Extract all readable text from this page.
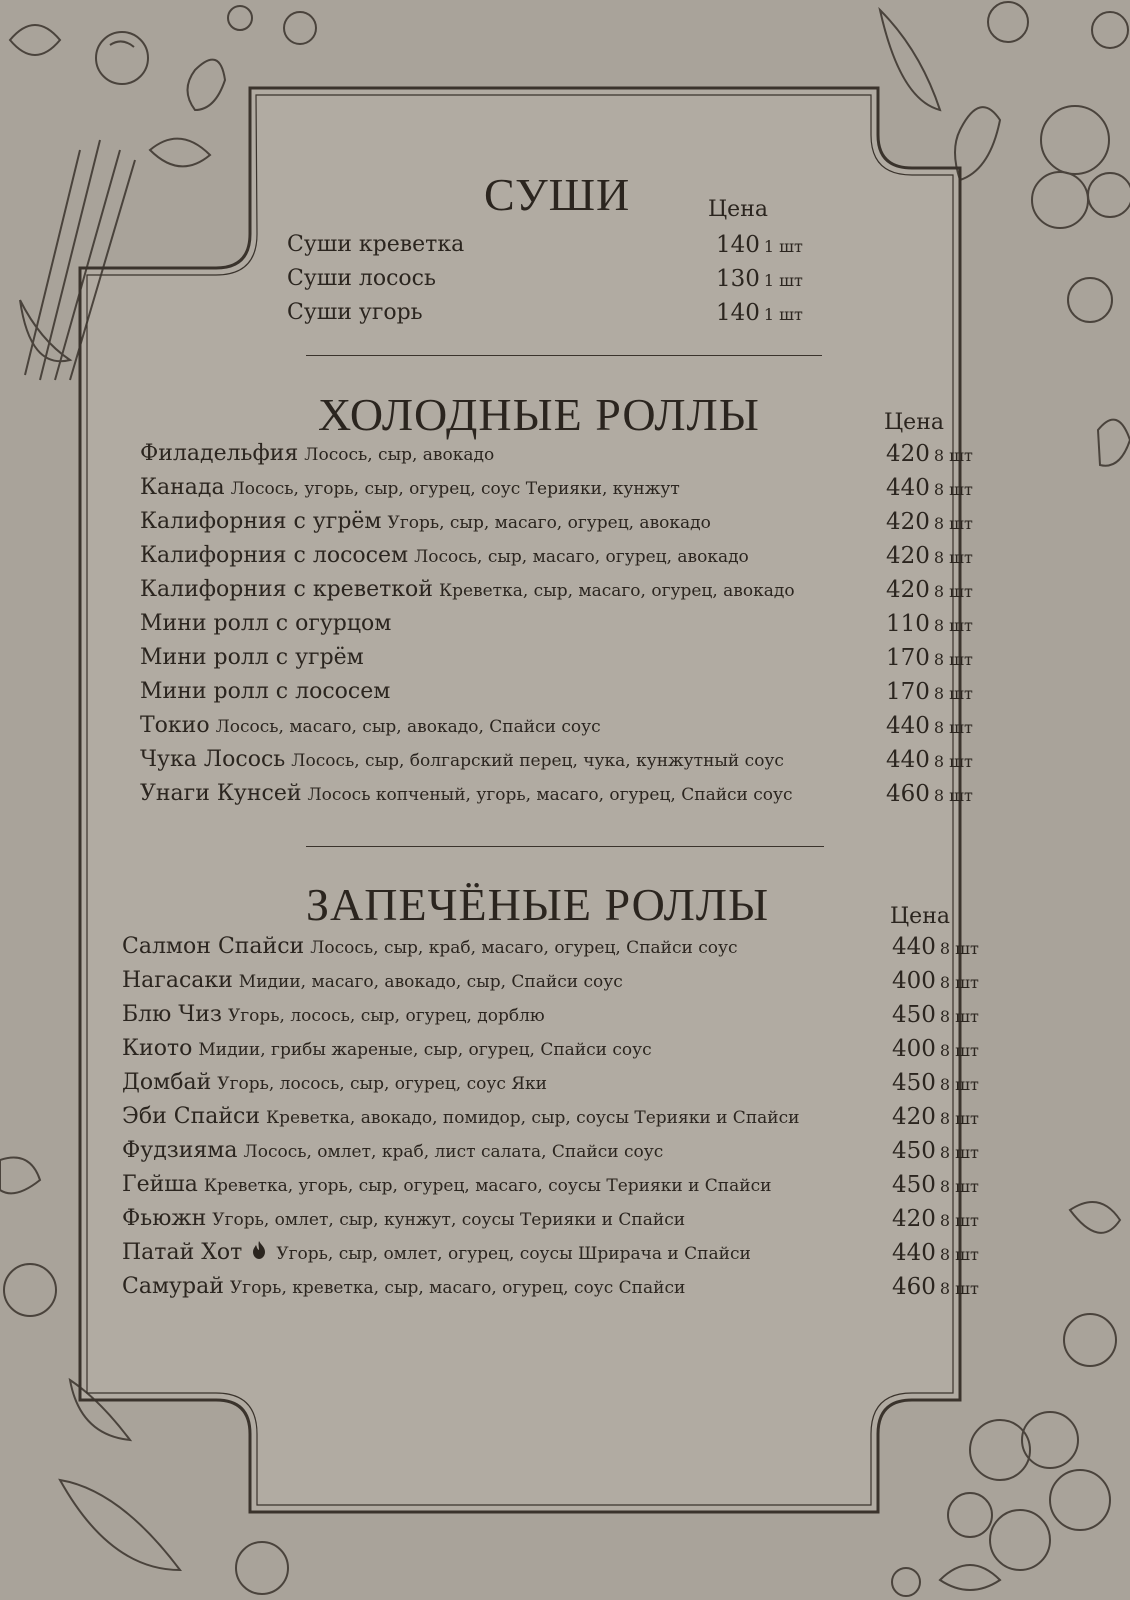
СУШИ	Цена
Суши креветка	140 1 шт
Суши лосось	130 1 шт
Суши угорь	140 1 шт
ХОЛОДНЫЕ РОЛЛЫ	Цена
Филадельфия Лосось, сыр, авокадо	420 8 шт
Канада Лосось, угорь, сыр, огурец, соус Терияки, кунжут	440 8 шт
Калифорния с угрём Угорь, сыр, масаго, огурец, авокадо	420 8 шт
Калифорния с лососем Лосось, сыр, масаго, огурец, авокадо	420 8 шт
Калифорния с креветкой Креветка, сыр, масаго, огурец, авокадо	420 8 шт
Мини ролл с огурцом	110 8 шт
Мини ролл с угрём	170 8 шт
Мини ролл с лососем	170 8 шт
Токио Лосось, масаго, сыр, авокадо, Спайси соус	440 8 шт
Чука Лосось Лосось, сыр, болгарский перец, чука, кунжутный соус	440 8 шт
Унаги Кунсей Лосось копченый, угорь, масаго, огурец, Спайси соус	460 8 шт
ЗАПЕЧЁНЫЕ РОЛЛЫ	Цена
Салмон Спайси Лосось, сыр, краб, масаго, огурец, Спайси соус	440 8 шт
Нагасаки Мидии, масаго, авокадо, сыр, Спайси соус	400 8 шт
Блю Чиз Угорь, лосось, сыр, огурец, дорблю	450 8 шт
Киото Мидии, грибы жареные, сыр, огурец, Спайси соус	400 8 шт
Домбай Угорь, лосось, сыр, огурец, соус Яки	450 8 шт
Эби Спайси Креветка, авокадо, помидор, сыр, соусы Терияки и Спайси	420 8 шт
Фудзияма Лосось, омлет, краб, лист салата, Спайси соус	450 8 шт
Гейша Креветка, угорь, сыр, огурец, масаго, соусы Терияки и Спайси	450 8 шт
Фьюжн Угорь, омлет, сыр, кунжут, соусы Терияки и Спайси	420 8 шт
Патай Хот Угорь, сыр, омлет, огурец, соусы Шрирача и Спайси	440 8 шт
Самурай Угорь, креветка, сыр, масаго, огурец, соус Спайси	460 8 шт
